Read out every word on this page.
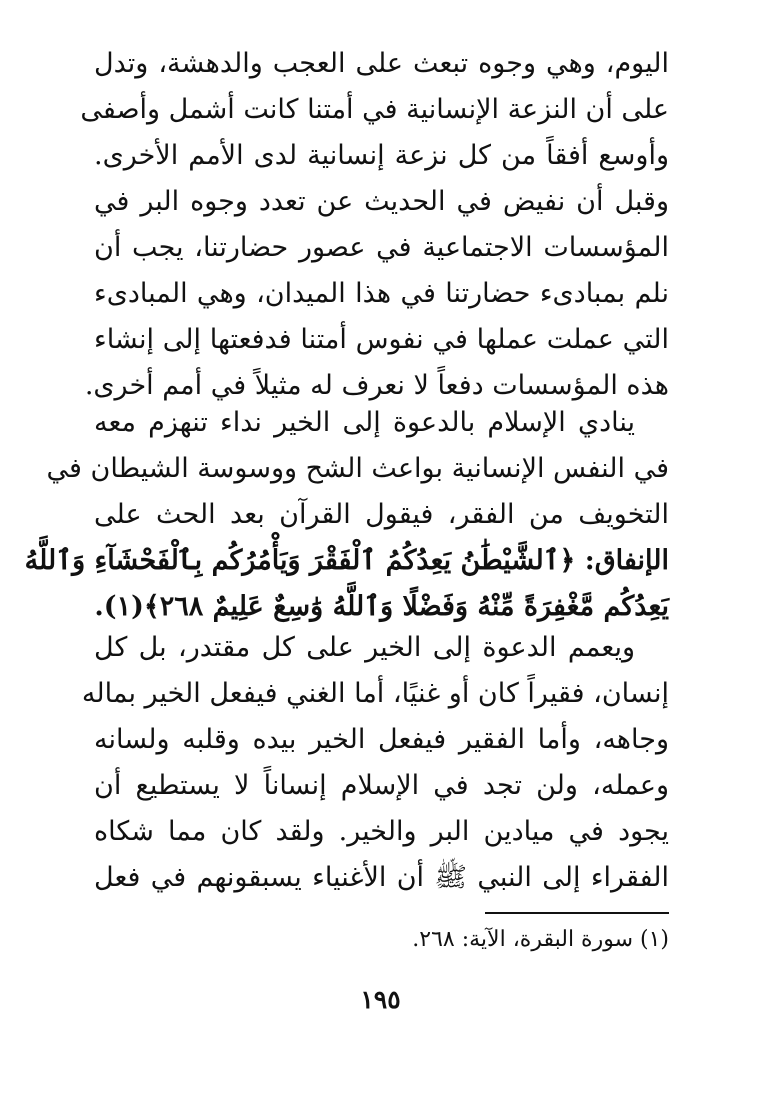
اليوم، وهي وجوه تبعث على العجب والدهشة، وتدل
على أن النزعة الإنسانية في أمتنا كانت أشمل وأصفى
وأوسع أفقاً من كل نزعة إنسانية لدى الأمم الأخرى.
وقبل أن نفيض في الحديث عن تعدد وجوه البر في
المؤسسات الاجتماعية في عصور حضارتنا، يجب أن
نلم بمبادىء حضارتنا في هذا الميدان، وهي المبادىء
التي عملت عملها في نفوس أمتنا فدفعتها إلى إنشاء
هذه المؤسسات دفعاً لا نعرف له مثيلاً في أمم أخرى.
ينادي الإسلام بالدعوة إلى الخير نداء تنهزم معه
في النفس الإنسانية بواعث الشح ووسوسة الشيطان في
التخويف من الفقر، فيقول القرآن بعد الحث على
الإنفاق: ﴿ٱلشَّيْطَٰنُ يَعِدُكُمُ ٱلْفَقْرَ وَيَأْمُرُكُم بِٱلْفَحْشَآءِ وَٱللَّهُ
يَعِدُكُم مَّغْفِرَةً مِّنْهُ وَفَضْلًا وَٱللَّهُ وَٰسِعٌ عَلِيمٌ ٢٦٨﴾(١).
ويعمم الدعوة إلى الخير على كل مقتدر، بل كل
إنسان، فقيراً كان أو غنيًا، أما الغني فيفعل الخير بماله
وجاهه، وأما الفقير فيفعل الخير بيده وقلبه ولسانه
وعمله، ولن تجد في الإسلام إنساناً لا يستطيع أن
يجود في ميادين البر والخير. ولقد كان مما شكاه
الفقراء إلى النبي ﷺ أن الأغنياء يسبقونهم في فعل
(١) سورة البقرة، الآية: ٢٦٨.
١٩٥
